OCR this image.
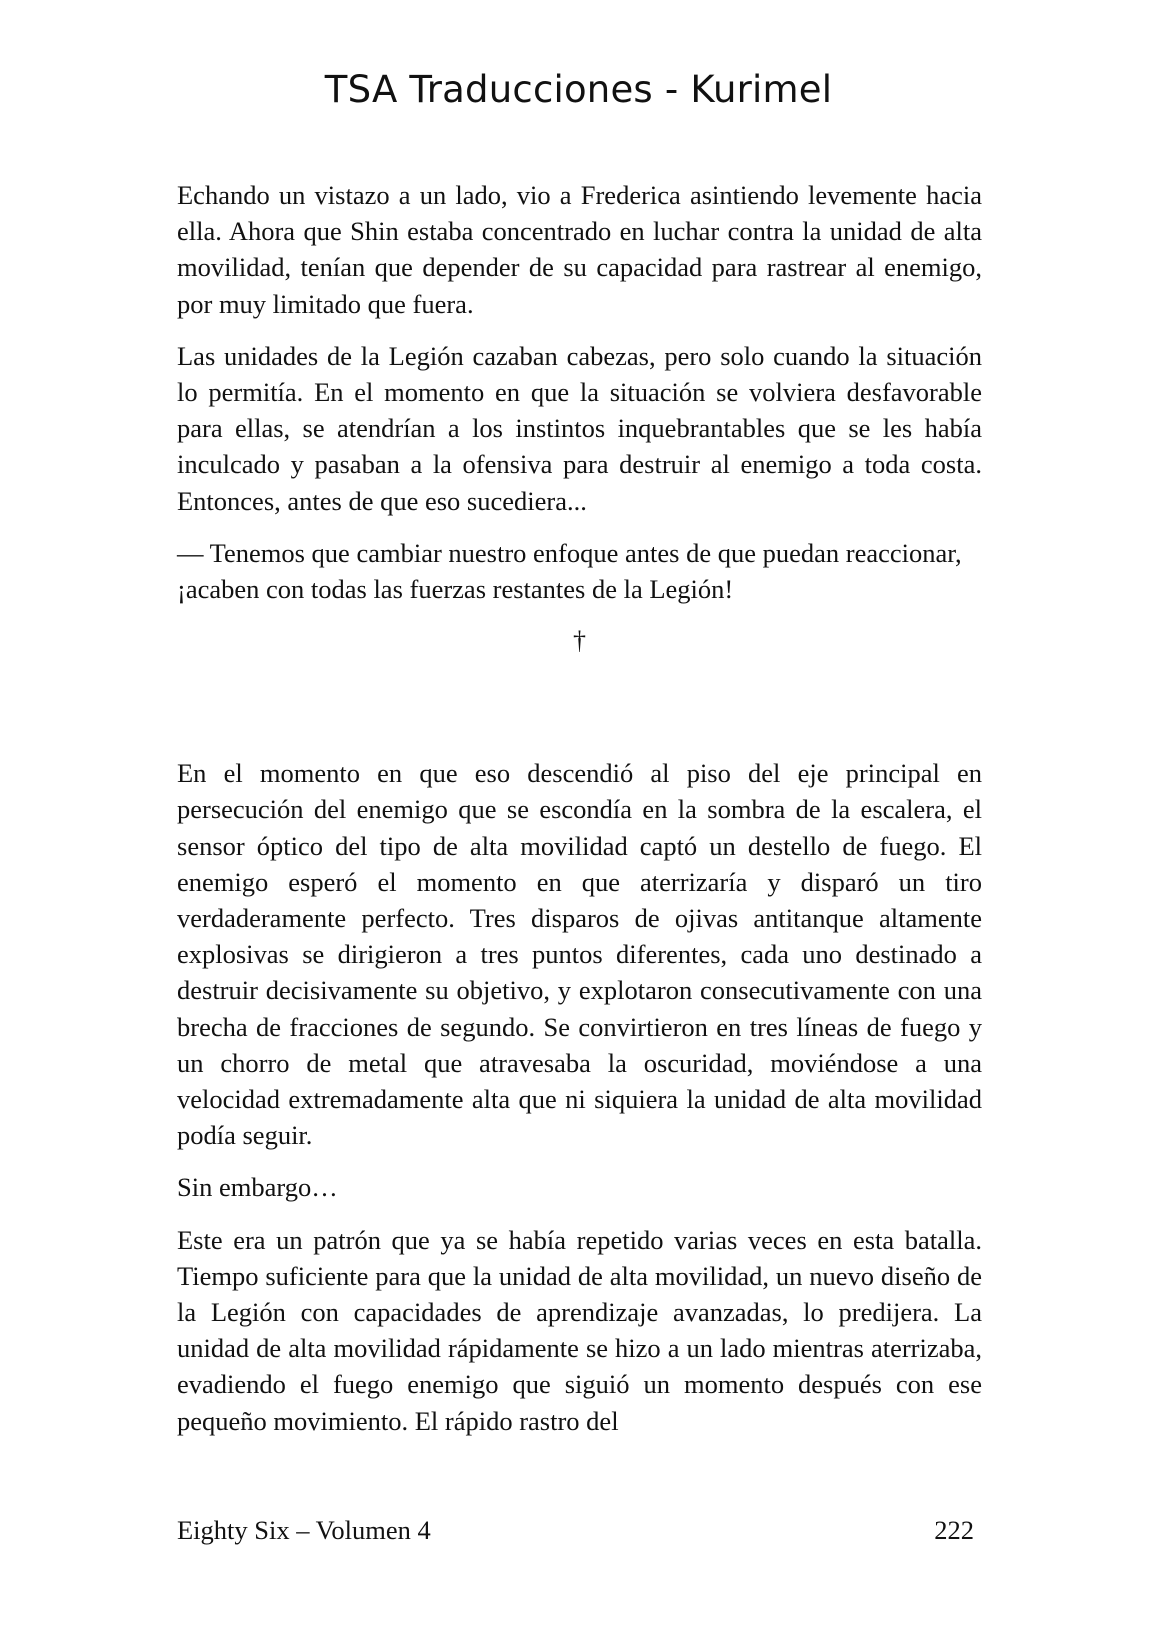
TSA Traducciones - Kurimel

Echando un vistazo a un lado, vio a Frederica asintiendo levemente hacia ella. Ahora que Shin estaba concentrado en luchar contra la unidad de alta movilidad, tenían que depender de su capacidad para rastrear al enemigo, por muy limitado que fuera.

Las unidades de la Legión cazaban cabezas, pero solo cuando la situación lo permitía. En el momento en que la situación se volviera desfavorable para ellas, se atendrían a los instintos inquebrantables que se les había inculcado y pasaban a la ofensiva para destruir al enemigo a toda costa. Entonces, antes de que eso sucediera...

— Tenemos que cambiar nuestro enfoque antes de que puedan reaccionar, ¡acaben con todas las fuerzas restantes de la Legión!

†

En el momento en que eso descendió al piso del eje principal en persecución del enemigo que se escondía en la sombra de la escalera, el sensor óptico del tipo de alta movilidad captó un destello de fuego. El enemigo esperó el momento en que aterrizaría y disparó un tiro verdaderamente perfecto. Tres disparos de ojivas antitanque altamente explosivas se dirigieron a tres puntos diferentes, cada uno destinado a destruir decisivamente su objetivo, y explotaron consecutivamente con una brecha de fracciones de segundo. Se convirtieron en tres líneas de fuego y un chorro de metal que atravesaba la oscuridad, moviéndose a una velocidad extremadamente alta que ni siquiera la unidad de alta movilidad podía seguir.

Sin embargo…

Este era un patrón que ya se había repetido varias veces en esta batalla. Tiempo suficiente para que la unidad de alta movilidad, un nuevo diseño de la Legión con capacidades de aprendizaje avanzadas, lo predijera. La unidad de alta movilidad rápidamente se hizo a un lado mientras aterrizaba, evadiendo el fuego enemigo que siguió un momento después con ese pequeño movimiento. El rápido rastro del

Eighty Six – Volumen 4	222
